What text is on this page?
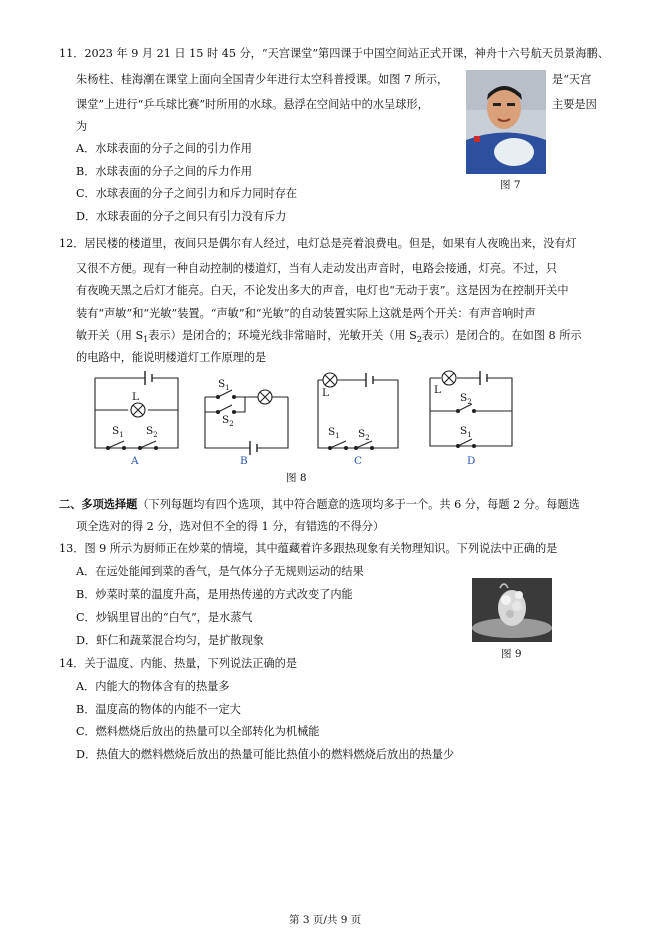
11．2023 年 9 月 21 日 15 时 45 分，“天宫课堂”第四课于中国空间站正式开课，神舟十六号航天员景海鹏、
朱杨柱、桂海潮在课堂上面向全国青少年进行太空科普授课。如图 7 所示，	是“天宫
课堂”上进行“乒乓球比赛”时所用的水球。悬浮在空间站中的水呈球形，	主要是因
为
A．水球表面的分子之间的引力作用
B．水球表面的分子之间的斥力作用
C．水球表面的分子之间引力和斥力同时存在
D．水球表面的分子之间只有引力没有斥力
图 7
12．居民楼的楼道里，夜间只是偶尔有人经过，电灯总是亮着浪费电。但是，如果有人夜晚出来，没有灯
又很不方便。现有一种自动控制的楼道灯，当有人走动发出声音时，电路会接通，灯亮。不过，只
有夜晚天黑之后灯才能亮。白天，不论发出多大的声音，电灯也“无动于衷”。这是因为在控制开关中
装有“声敏”和“光敏”装置。“声敏”和“光敏”的自动装置实际上这就是两个开关：有声音响时声
敏开关（用 $S_1$表示）是闭合的；环境光线非常暗时，光敏开关（用 $S_2$表示）是闭合的。在如图 8 所示
的电路中，能说明楼道灯工作原理的是
L
$S_1$ $S_2$
$S_1$
$S_2$
L
$S_1$ $S_2$
L
$S_2$
$S_1$
A	B	C	D
图 8
二、多项选择题（下列每题均有四个选项，其中符合题意的选项均多于一个。共 6 分，每题 2 分。每题选
项全选对的得 2 分，选对但不全的得 1 分，有错选的不得分）
13．图 9 所示为厨师正在炒菜的情境，其中蕴藏着许多跟热现象有关物理知识。下列说法中正确的是
A．在远处能闻到菜的香气，是气体分子无规则运动的结果
B．炒菜时菜的温度升高，是用热传递的方式改变了内能
C．炒锅里冒出的“白气”，是水蒸气
D．虾仁和蔬菜混合均匀，是扩散现象
图 9
14．关于温度、内能、热量，下列说法正确的是
A．内能大的物体含有的热量多
B．温度高的物体的内能不一定大
C．燃料燃烧后放出的热量可以全部转化为机械能
D．热值大的燃料燃烧后放出的热量可能比热值小的燃料燃烧后放出的热量少
第 3 页/共 9 页
